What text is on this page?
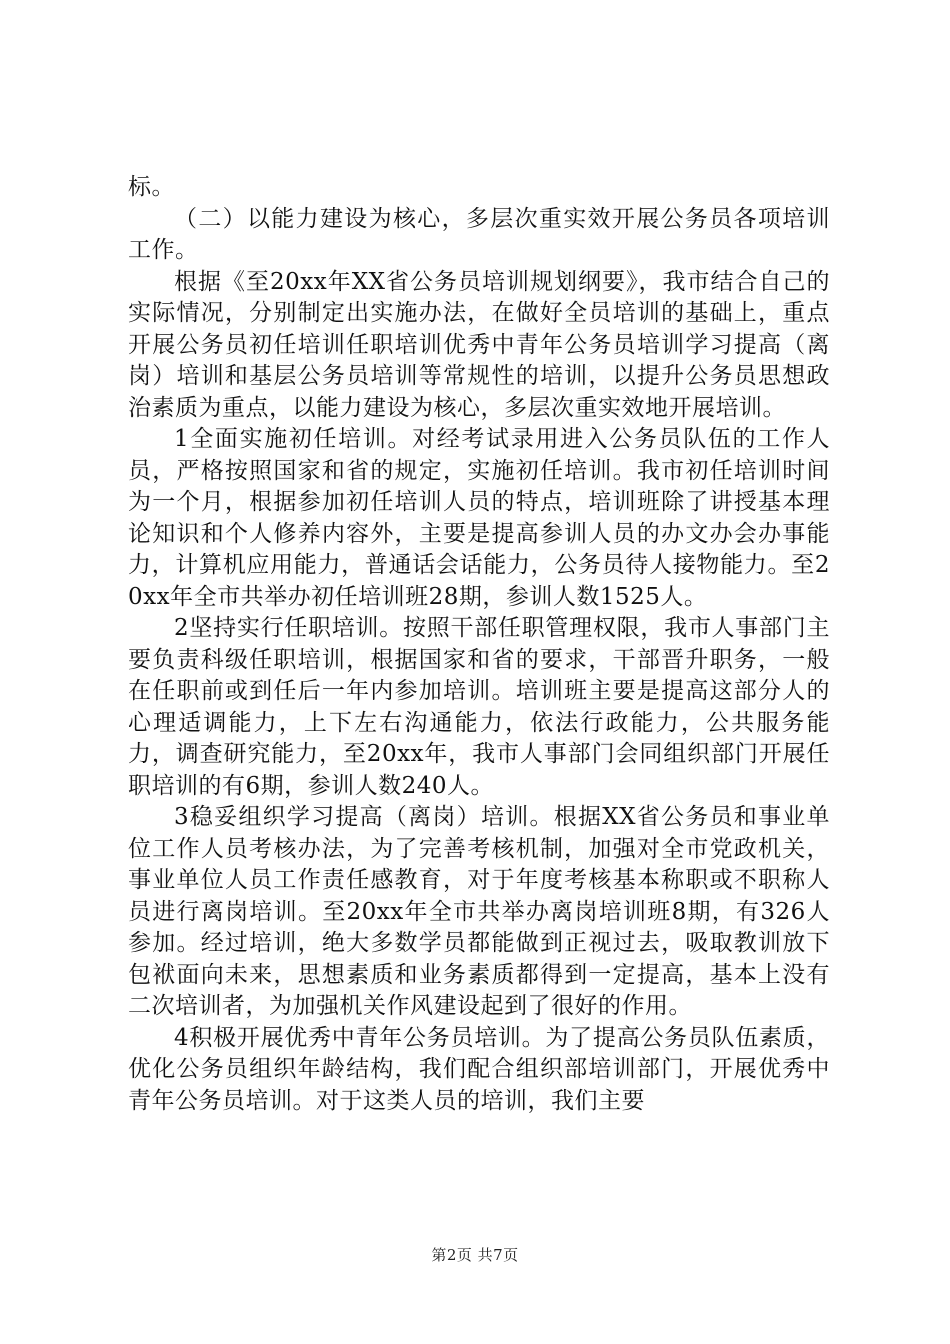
标。

（二）以能力建设为核心，多层次重实效开展公务员各项培训工作。

根据《至20xx年XX省公务员培训规划纲要》，我市结合自己的实际情况，分别制定出实施办法，在做好全员培训的基础上，重点开展公务员初任培训任职培训优秀中青年公务员培训学习提高（离岗）培训和基层公务员培训等常规性的培训，以提升公务员思想政治素质为重点，以能力建设为核心，多层次重实效地开展培训。

1全面实施初任培训。对经考试录用进入公务员队伍的工作人员，严格按照国家和省的规定，实施初任培训。我市初任培训时间为一个月，根据参加初任培训人员的特点，培训班除了讲授基本理论知识和个人修养内容外，主要是提高参训人员的办文办会办事能力，计算机应用能力，普通话会话能力，公务员待人接物能力。至20xx年全市共举办初任培训班28期，参训人数1525人。

2坚持实行任职培训。按照干部任职管理权限，我市人事部门主要负责科级任职培训，根据国家和省的要求，干部晋升职务，一般在任职前或到任后一年内参加培训。培训班主要是提高这部分人的心理适调能力，上下左右沟通能力，依法行政能力，公共服务能力，调查研究能力，至20xx年，我市人事部门会同组织部门开展任职培训的有6期，参训人数240人。

3稳妥组织学习提高（离岗）培训。根据XX省公务员和事业单位工作人员考核办法，为了完善考核机制，加强对全市党政机关，事业单位人员工作责任感教育，对于年度考核基本称职或不职称人员进行离岗培训。至20xx年全市共举办离岗培训班8期，有326人参加。经过培训，绝大多数学员都能做到正视过去，吸取教训放下包袱面向未来，思想素质和业务素质都得到一定提高，基本上没有二次培训者，为加强机关作风建设起到了很好的作用。

4积极开展优秀中青年公务员培训。为了提高公务员队伍素质，优化公务员组织年龄结构，我们配合组织部培训部门，开展优秀中青年公务员培训。对于这类人员的培训，我们主要

第2页 共7页
